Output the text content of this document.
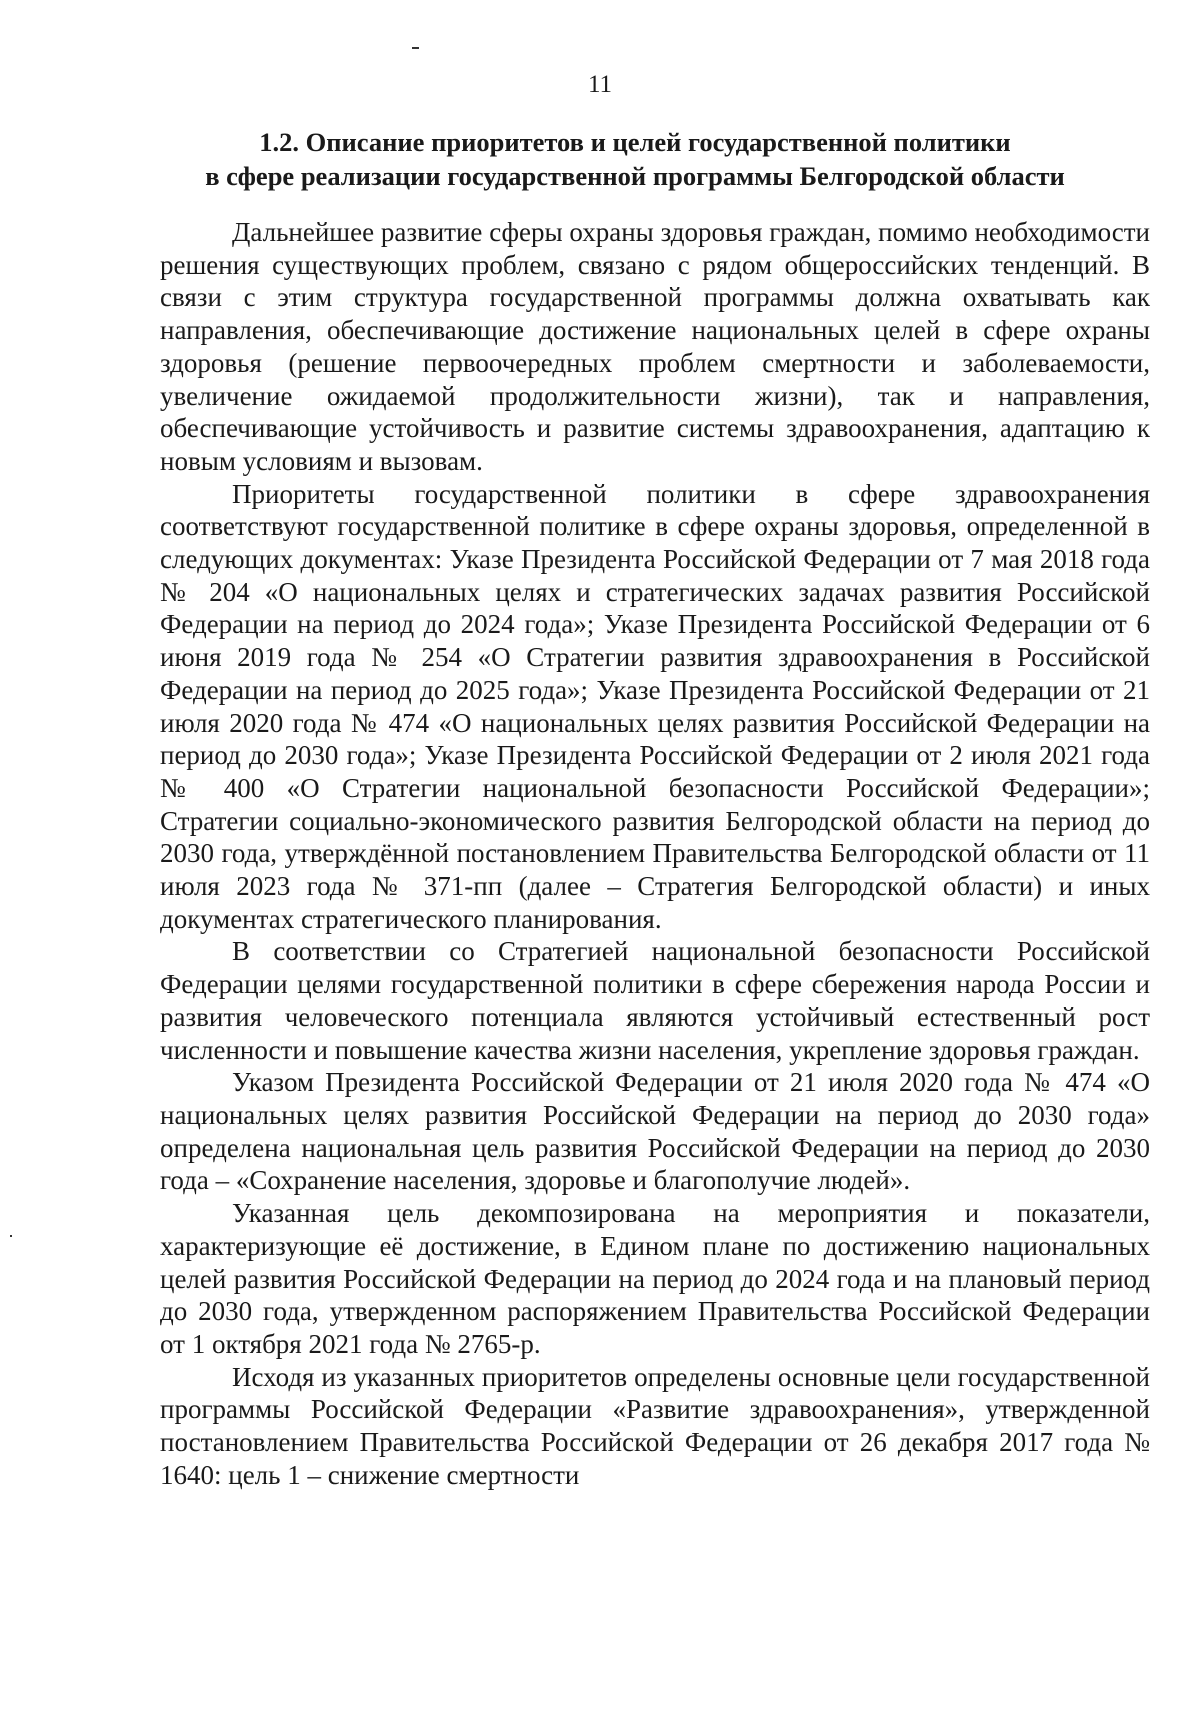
11
1.2. Описание приоритетов и целей государственной политики
в сфере реализации государственной программы Белгородской области

Дальнейшее развитие сферы охраны здоровья граждан, помимо необходимости решения существующих проблем, связано с рядом общероссийских тенденций. В связи с этим структура государственной программы должна охватывать как направления, обеспечивающие достижение национальных целей в сфере охраны здоровья (решение первоочередных проблем смертности и заболеваемости, увеличение ожидаемой продолжительности жизни), так и направления, обеспечивающие устойчивость и развитие системы здравоохранения, адаптацию к новым условиям и вызовам.

Приоритеты государственной политики в сфере здравоохранения соответствуют государственной политике в сфере охраны здоровья, определенной в следующих документах: Указе Президента Российской Федерации от 7 мая 2018 года № 204 «О национальных целях и стратегических задачах развития Российской Федерации на период до 2024 года»; Указе Президента Российской Федерации от 6 июня 2019 года № 254 «О Стратегии развития здравоохранения в Российской Федерации на период до 2025 года»; Указе Президента Российской Федерации от 21 июля 2020 года № 474 «О национальных целях развития Российской Федерации на период до 2030 года»; Указе Президента Российской Федерации от 2 июля 2021 года № 400 «О Стратегии национальной безопасности Российской Федерации»; Стратегии социально-экономического развития Белгородской области на период до 2030 года, утверждённой постановлением Правительства Белгородской области от 11 июля 2023 года № 371-пп (далее – Стратегия Белгородской области) и иных документах стратегического планирования.

В соответствии со Стратегией национальной безопасности Российской Федерации целями государственной политики в сфере сбережения народа России и развития человеческого потенциала являются устойчивый естественный рост численности и повышение качества жизни населения, укрепление здоровья граждан.

Указом Президента Российской Федерации от 21 июля 2020 года № 474 «О национальных целях развития Российской Федерации на период до 2030 года» определена национальная цель развития Российской Федерации на период до 2030 года – «Сохранение населения, здоровье и благополучие людей».

Указанная цель декомпозирована на мероприятия и показатели, характеризующие её достижение, в Едином плане по достижению национальных целей развития Российской Федерации на период до 2024 года и на плановый период до 2030 года, утвержденном распоряжением Правительства Российской Федерации от 1 октября 2021 года № 2765-р.

Исходя из указанных приоритетов определены основные цели государственной программы Российской Федерации «Развитие здравоохранения», утвержденной постановлением Правительства Российской Федерации от 26 декабря 2017 года № 1640: цель 1 – снижение смертности
